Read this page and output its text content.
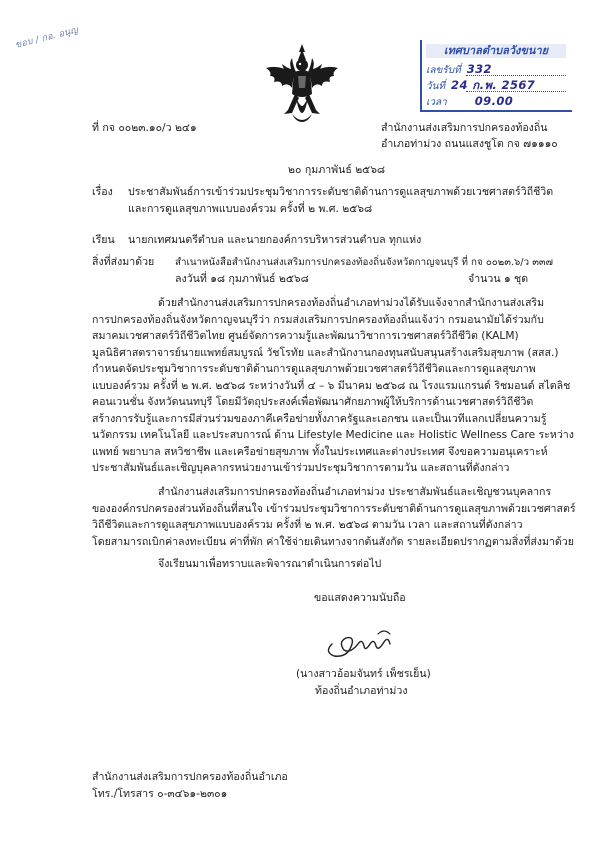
ขอบ / กอ. อนุญ	เทศบาลตำบลวังขนาย
เลขรับที่ 332
วันที่ 24 ก.พ. 2567
เวลา 09.00
ที่ กจ ๐๐๒๓.๑๐/ว ๒๔๑	สำนักงานส่งเสริมการปกครองท้องถิ่น
อำเภอท่าม่วง ถนนแสงชูโต กจ ๗๑๑๑๐
๒๐ กุมภาพันธ์ ๒๕๖๘
เรื่อง ประชาสัมพันธ์การเข้าร่วมประชุมวิชาการระดับชาติด้านการดูแลสุขภาพด้วยเวชศาสตร์วิถีชีวิต
และการดูแลสุขภาพแบบองค์รวม ครั้งที่ ๒ พ.ศ. ๒๕๖๘
เรียน นายกเทศมนตรีตำบล และนายกองค์การบริหารส่วนตำบล ทุกแห่ง
สิ่งที่ส่งมาด้วย สำเนาหนังสือสำนักงานส่งเสริมการปกครองท้องถิ่นจังหวัดกาญจนบุรี ที่ กจ ๐๐๒๓.๖/ว ๓๓๗
ลงวันที่ ๑๘ กุมภาพันธ์ ๒๕๖๘	จำนวน ๑ ชุด
ด้วยสำนักงานส่งเสริมการปกครองท้องถิ่นอำเภอท่าม่วงได้รับแจ้งจากสำนักงานส่งเสริม
การปกครองท้องถิ่นจังหวัดกาญจนบุรีว่า กรมส่งเสริมการปกครองท้องถิ่นแจ้งว่า กรมอนามัยได้ร่วมกับ
สมาคมเวชศาสตร์วิถีชีวิตไทย ศูนย์จัดการความรู้และพัฒนาวิชาการเวชศาสตร์วิถีชีวิต (KALM)
มูลนิธิศาสตราจารย์นายแพทย์สมบูรณ์ วัชโรทัย และสำนักงานกองทุนสนับสนุนสร้างเสริมสุขภาพ (สสส.)
กำหนดจัดประชุมวิชาการระดับชาติด้านการดูแลสุขภาพด้วยเวชศาสตร์วิถีชีวิตและการดูแลสุขภาพ
แบบองค์รวม ครั้งที่ ๒ พ.ศ. ๒๕๖๘ ระหว่างวันที่ ๔ – ๖ มีนาคม ๒๕๖๘ ณ โรงแรมแกรนด์ ริชมอนด์ สไตลิช
คอนเวนชั่น จังหวัดนนทบุรี โดยมีวัตถุประสงค์เพื่อพัฒนาศักยภาพผู้ให้บริการด้านเวชศาสตร์วิถีชีวิต
สร้างการรับรู้และการมีส่วนร่วมของภาคีเครือข่ายทั้งภาครัฐและเอกชน และเป็นเวทีแลกเปลี่ยนความรู้
นวัตกรรม เทคโนโลยี และประสบการณ์ ด้าน Lifestyle Medicine และ Holistic Wellness Care ระหว่าง
แพทย์ พยาบาล สหวิชาชีพ และเครือข่ายสุขภาพ ทั้งในประเทศและต่างประเทศ จึงขอความอนุเคราะห์
ประชาสัมพันธ์และเชิญบุคลากรหน่วยงานเข้าร่วมประชุมวิชาการตามวัน และสถานที่ดังกล่าว
สำนักงานส่งเสริมการปกครองท้องถิ่นอำเภอท่าม่วง ประชาสัมพันธ์และเชิญชวนบุคลากร
ขององค์กรปกครองส่วนท้องถิ่นที่สนใจ เข้าร่วมประชุมวิชาการระดับชาติด้านการดูแลสุขภาพด้วยเวชศาสตร์
วิถีชีวิตและการดูแลสุขภาพแบบองค์รวม ครั้งที่ ๒ พ.ศ. ๒๕๖๘ ตามวัน เวลา และสถานที่ดังกล่าว
โดยสามารถเบิกค่าลงทะเบียน ค่าที่พัก ค่าใช้จ่ายเดินทางจากต้นสังกัด รายละเอียดปรากฏตามสิ่งที่ส่งมาด้วย
จึงเรียนมาเพื่อทราบและพิจารณาดำเนินการต่อไป
ขอแสดงความนับถือ
(นางสาวอ้อมจันทร์ เพ็ชรเย็น)
ท้องถิ่นอำเภอท่าม่วง
สำนักงานส่งเสริมการปกครองท้องถิ่นอำเภอ
โทร./โทรสาร ๐-๓๔๖๑-๒๓๐๑
